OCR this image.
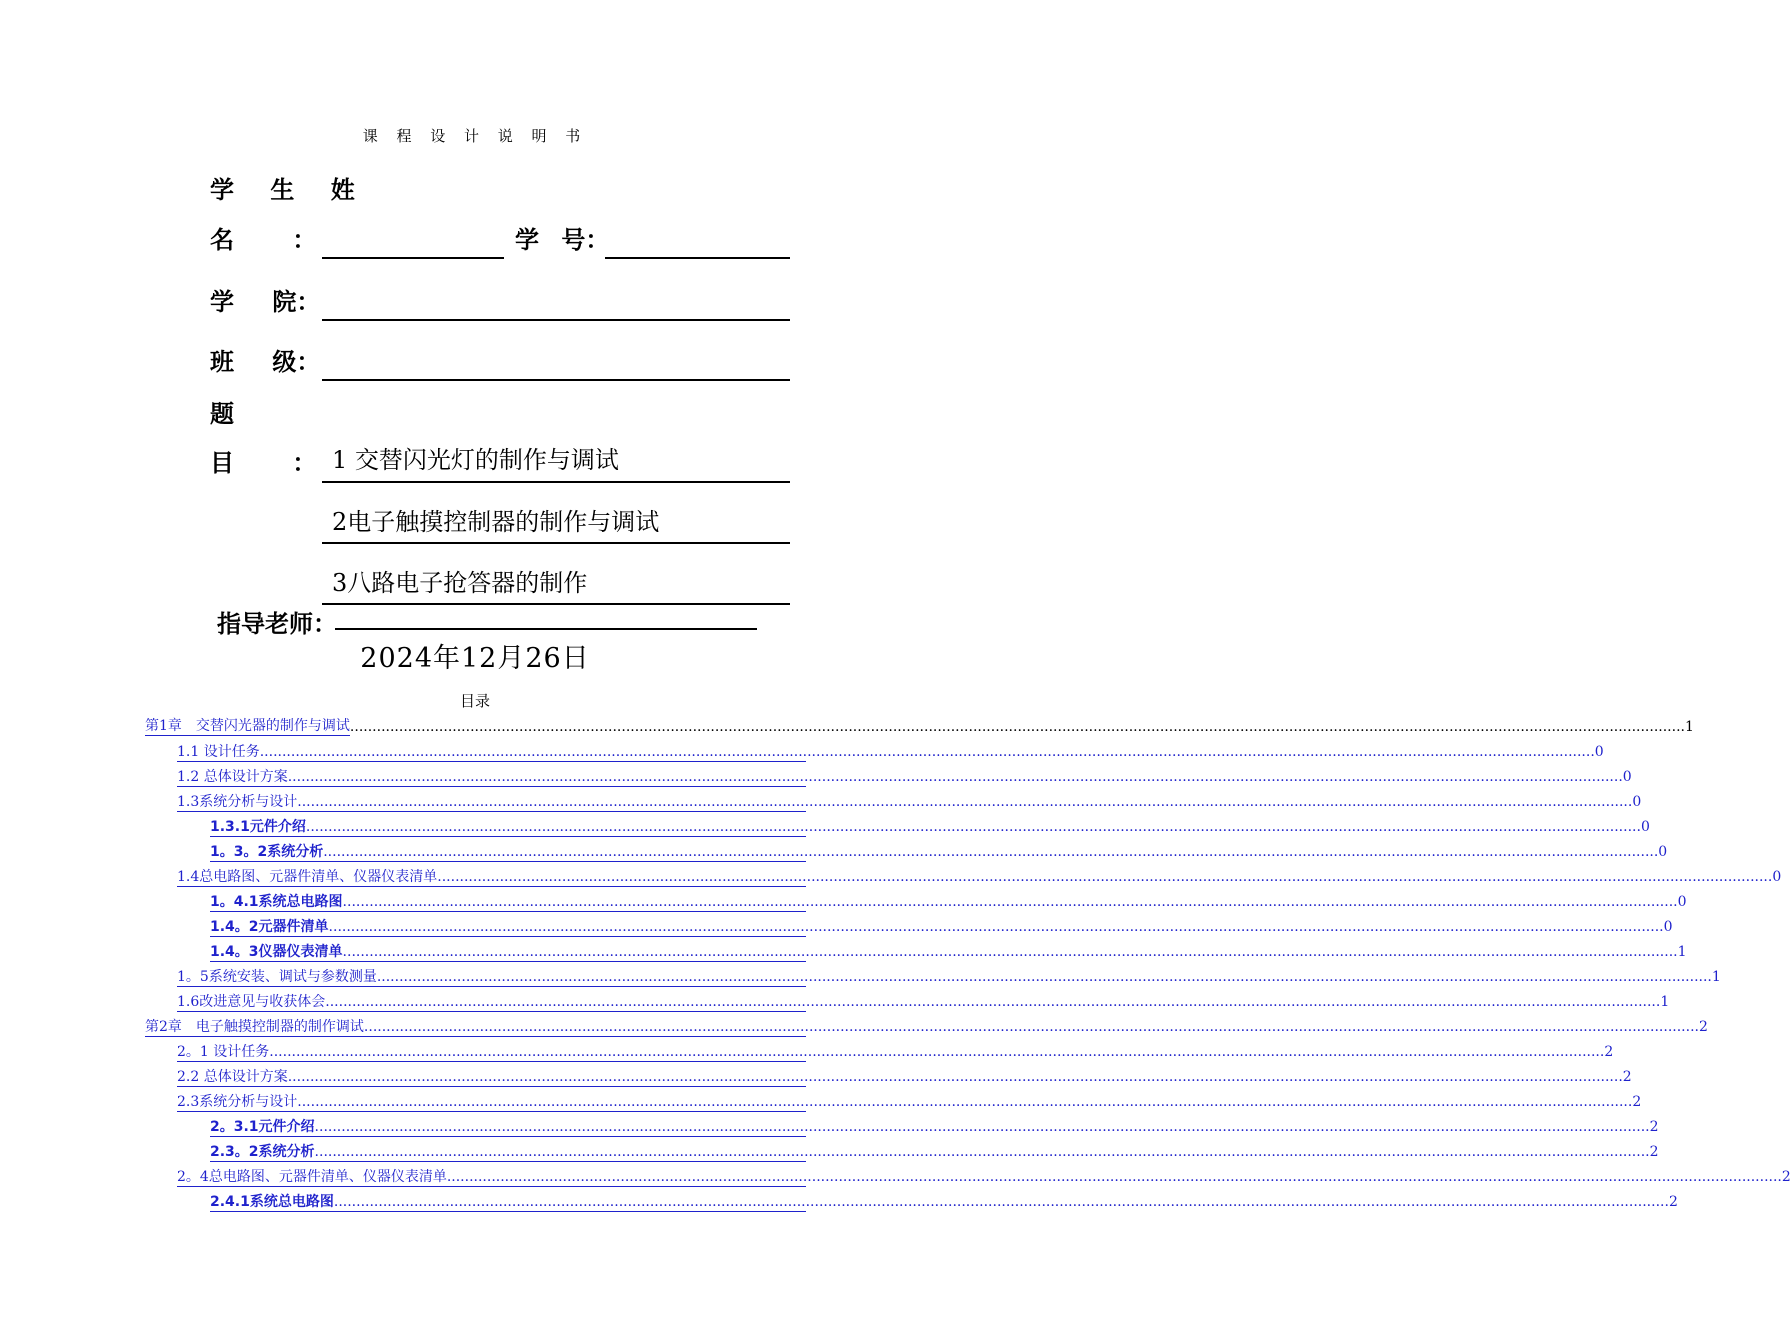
课 程 设 计 说 明 书
学 生 姓
名 ：	学 号：
学 院：
班 级：
题
目 ： 1 交替闪光灯的制作与调试
2电子触摸控制器的制作与调试
3八路电子抢答器的制作
指导老师：
2024年12月26日
目录
第1章　交替闪光器的制作与调试 ............................................................................................................................................................................................................................................................................................................ 1
1.1 设计任务 ............................................................................................................................................................................................................................................................................................................ 0
1.2 总体设计方案 ............................................................................................................................................................................................................................................................................................................ 0
1.3系统分析与设计 ............................................................................................................................................................................................................................................................................................................ 0
1.3.1元件介绍 ............................................................................................................................................................................................................................................................................................................ 0
1。3。2系统分析 ............................................................................................................................................................................................................................................................................................................ 0
1.4总电路图、元器件清单、仪器仪表清单 ............................................................................................................................................................................................................................................................................................................ 0
1。4.1系统总电路图 ............................................................................................................................................................................................................................................................................................................ 0
1.4。2元器件清单 ............................................................................................................................................................................................................................................................................................................ 0
1.4。3仪器仪表清单 ............................................................................................................................................................................................................................................................................................................ 1
1。5系统安装、调试与参数测量 ............................................................................................................................................................................................................................................................................................................ 1
1.6改进意见与收获体会 ............................................................................................................................................................................................................................................................................................................ 1
第2章　电子触摸控制器的制作调试 ............................................................................................................................................................................................................................................................................................................ 2
2。1 设计任务 ............................................................................................................................................................................................................................................................................................................ 2
2.2 总体设计方案 ............................................................................................................................................................................................................................................................................................................ 2
2.3系统分析与设计 ............................................................................................................................................................................................................................................................................................................ 2
2。3.1元件介绍 ............................................................................................................................................................................................................................................................................................................ 2
2.3。2系统分析 ............................................................................................................................................................................................................................................................................................................ 2
2。4总电路图、元器件清单、仪器仪表清单 ............................................................................................................................................................................................................................................................................................................ 2
2.4.1系统总电路图 ............................................................................................................................................................................................................................................................................................................ 2
